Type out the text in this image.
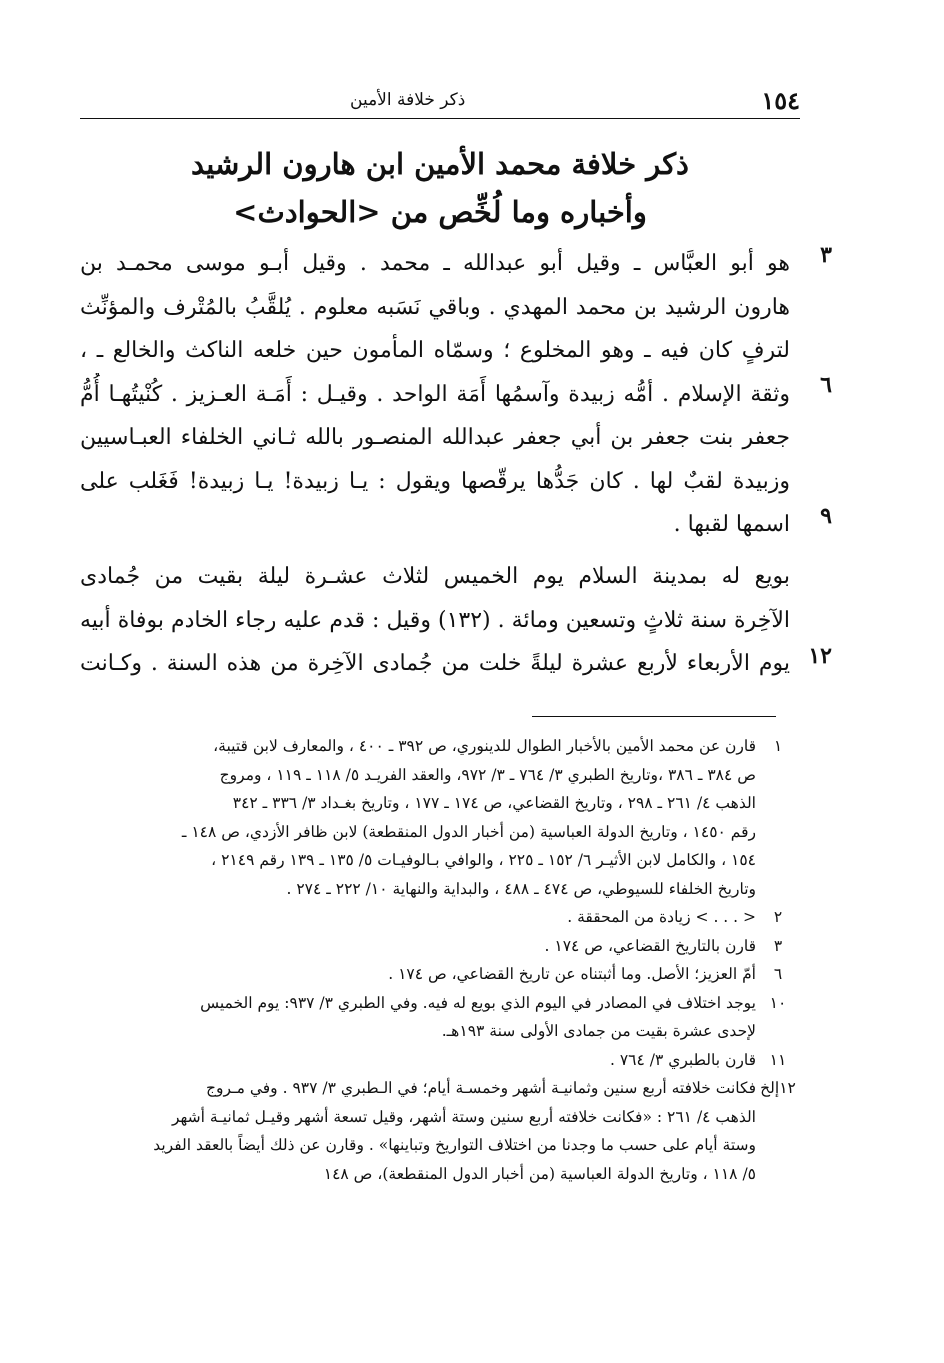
١٥٤
ذكر خلافة الأمين
ذكر خلافة محمد الأمين ابن هارون الرشيد
وأخباره وما لُخِّص من <الحوادث>
هو أبو العبَّاس ـ وقيل أبو عبدالله ـ محمد . وقيل أبـو موسى محمـد بن
هارون الرشيد بن محمد المهدي . وباقي نَسَبه معلوم . يُلقَّبُ بالمُتْرف والمؤنِّث
لترفٍ كان فيه ـ وهو المخلوع ؛ وسمّاه المأمون حين خلعه الناكث والخالع ـ ،
وثقة الإسلام . أمُّه زبيدة وآسمُها أَمَة الواحد . وقيـل : أَمَـة العـزيز . كُنْيتُهـا أُمُّ
جعفر بنت جعفر بن أبي جعفر عبدالله المنصـور بالله ثـاني الخلفاء العبـاسيين
وزبيدة لقبٌ لها . كان جَدُّها يرقّصها ويقول : يـا زبيدة! يـا زبيدة! فَغَلب على
اسمها لقبها .
٣
٦
٩
١٢
بويع له بمدينة السلام يوم الخميس لثلاث عشـرة ليلة بقيت من جُمادى
الآخِرة سنة ثلاثٍ وتسعين ومائة . (١٣٢) وقيل : قدم عليه رجاء الخادم بوفاة أبيه
يوم الأربعاء لأربع عشرة ليلةً خلت من جُمادى الآخِرة من هذه السنة . وكـانت
١
قارن عن محمد الأمين بالأخبار الطوال للدينوري، ص ٣٩٢ ـ ٤٠٠ ، والمعارف لابن قتيبة،
ص ٣٨٤ ـ ٣٨٦ ،وتاريخ الطبري ٣/ ٧٦٤ ـ ٣/ ٩٧٢، والعقد الفريـد ٥/ ١١٨ ـ ١١٩ ، ومروج
الذهب ٤/ ٢٦١ ـ ٢٩٨ ، وتاريخ القضاعي، ص ١٧٤ ـ ١٧٧ ، وتاريخ بغـداد ٣/ ٣٣٦ ـ ٣٤٢
رقم ١٤٥٠ ، وتاريخ الدولة العباسية (من أخبار الدول المنقطعة) لابن ظافر الأزدي، ص ١٤٨ ـ
١٥٤ ، والكامل لابن الأثيـر ٦/ ١٥٢ ـ ٢٢٥ ، والوافي بـالوفيـات ٥/ ١٣٥ ـ ١٣٩ رقم ٢١٤٩ ،
وتاريخ الخلفاء للسيوطي، ص ٤٧٤ ـ ٤٨٨ ، والبداية والنهاية ١٠/ ٢٢٢ ـ ٢٧٤ .
٢
< . . . > زيادة من المحققة .
٣
قارن بالتاريخ القضاعي، ص ١٧٤ .
٦
أمّ العزيز؛ الأصل. وما أثبتناه عن تاريخ القضاعي، ص ١٧٤ .
١٠
يوجد اختلاف في المصادر في اليوم الذي بويع له فيه. وفي الطبري ٣/ ٩٣٧: يوم الخميس
لإحدى عشرة بقيت من جمادى الأولى سنة ١٩٣هـ.
١١
قارن بالطبري ٣/ ٧٦٤ .
١٢إلخ
فكانت خلافته أربع سنين وثمانيـة أشهر وخمسـة أيام؛ في الـطبري ٣/ ٩٣٧ . وفي مـروج
الذهب ٤/ ٢٦١ : «فكانت خلافته أربع سنين وستة أشهر، وقيل تسعة أشهر وقيـل ثمانيـة أشهر
وستة أيام على حسب ما وجدنا من اختلاف التواريخ وتباينها» . وقارن عن ذلك أيضاً بالعقد الفريد
٥/ ١١٨ ، وتاريخ الدولة العباسية (من أخبار الدول المنقطعة)، ص ١٤٨
